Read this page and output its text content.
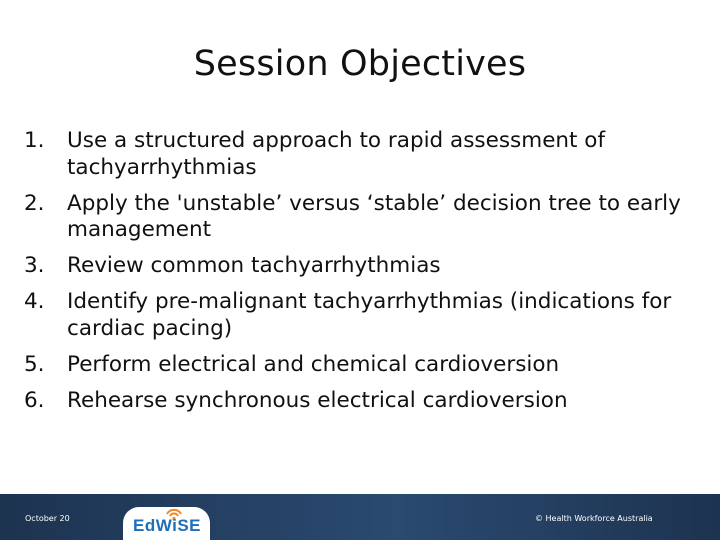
Session Objectives
1.	Use a structured approach to rapid assessment of tachyarrhythmias
2.	Apply the 'unstable’ versus ‘stable’ decision tree to early management
3.	Review common tachyarrhythmias
4.	Identify pre-malignant tachyarrhythmias (indications for cardiac pacing)
5.	Perform electrical and chemical cardioversion
6.	Rehearse synchronous electrical cardioversion
October 20	© Health Workforce Australia
EdWiSE
